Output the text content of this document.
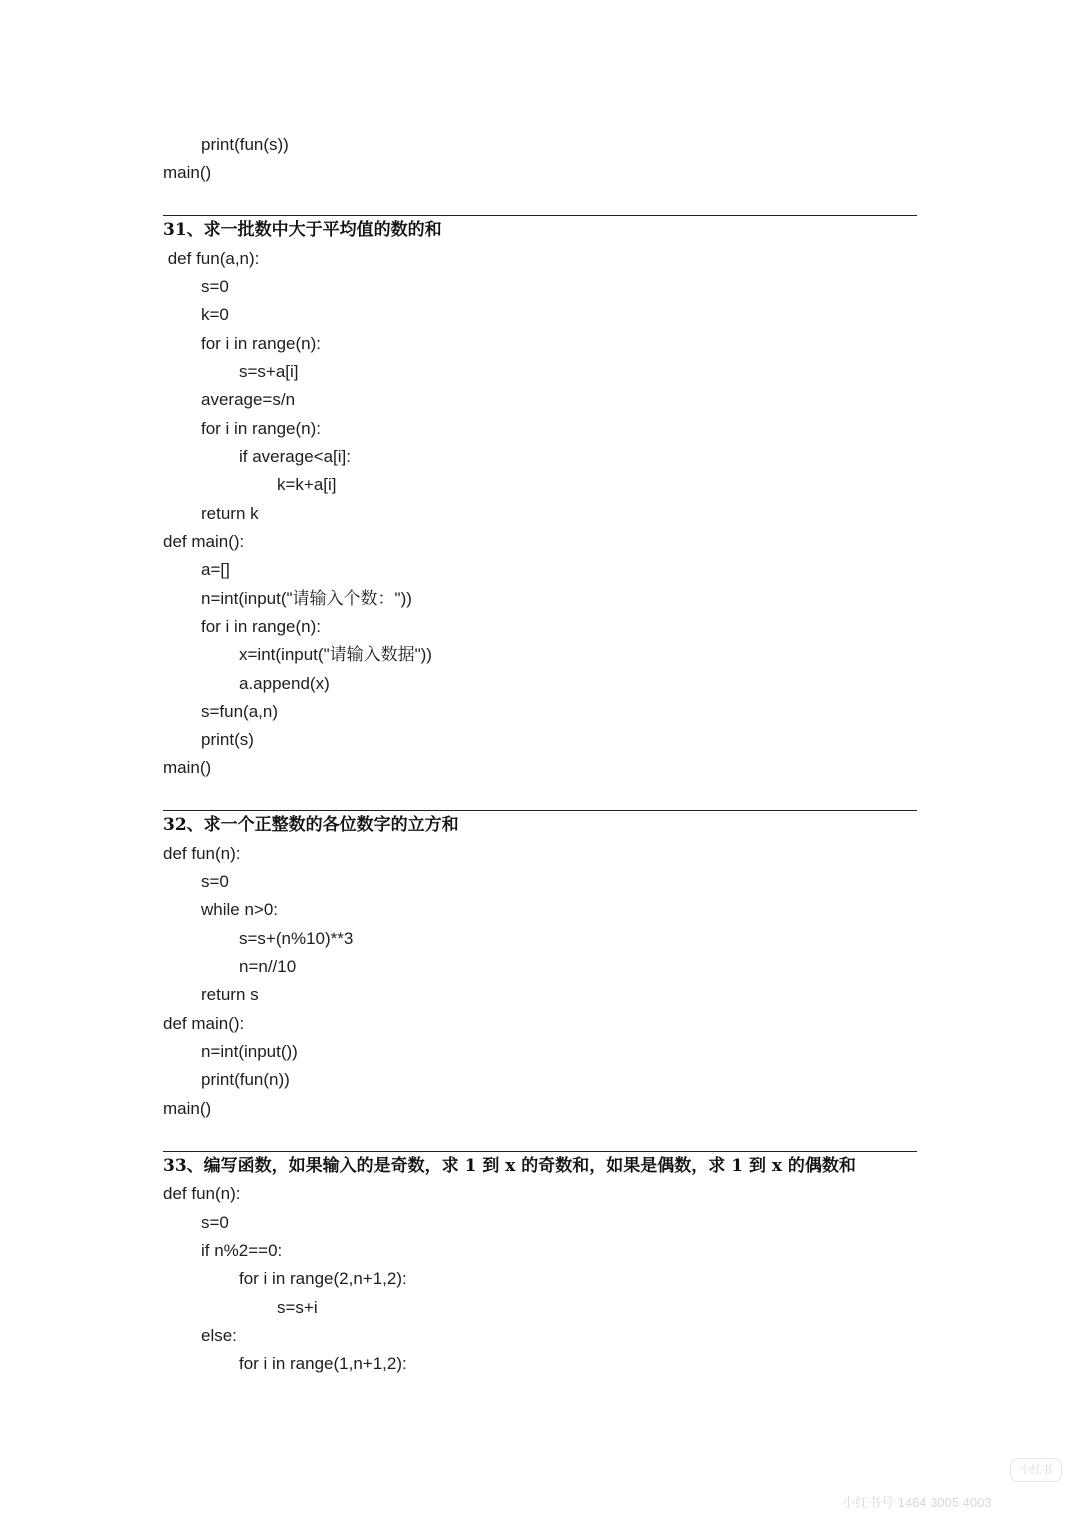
print(fun(s))
main()
31、求一批数中大于平均值的数的和
def fun(a,n):
s=0
k=0
for i in range(n):
s=s+a[i]
average=s/n
for i in range(n):
if average<a[i]:
k=k+a[i]
return k
def main():
a=[]
n=int(input("请输入个数："))
for i in range(n):
x=int(input("请输入数据"))
a.append(x)
s=fun(a,n)
print(s)
main()
32、求一个正整数的各位数字的立方和
def fun(n):
s=0
while n>0:
s=s+(n%10)**3
n=n//10
return s
def main():
n=int(input())
print(fun(n))
main()
33、编写函数，如果输入的是奇数，求 1 到 x 的奇数和，如果是偶数，求 1 到 x 的偶数和
def fun(n):
s=0
if n%2==0:
for i in range(2,n+1,2):
s=s+i
else:
for i in range(1,n+1,2):
小红书
小红书号 1464 3005 4003
